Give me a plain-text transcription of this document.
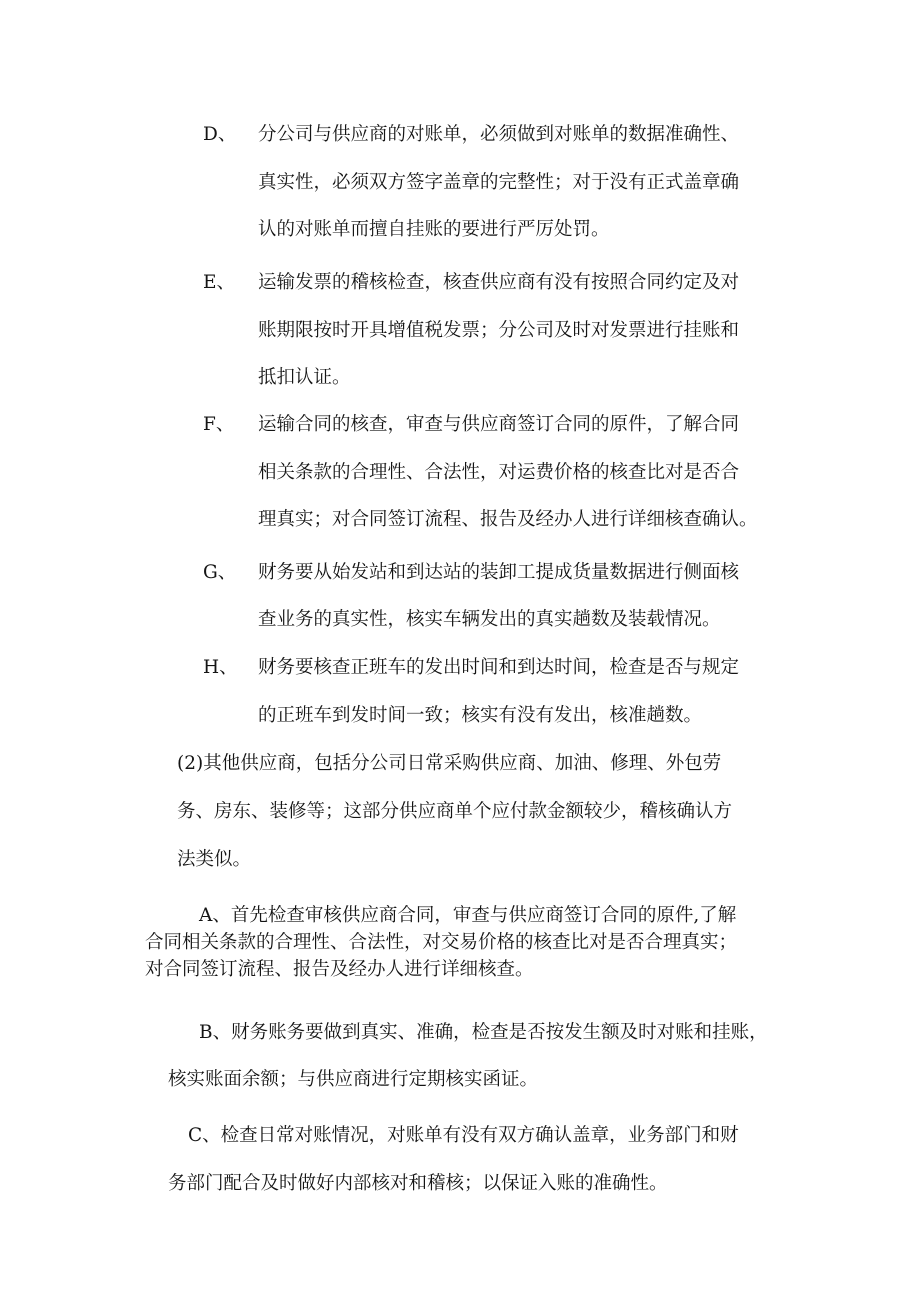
D、 分公司与供应商的对账单，必须做到对账单的数据准确性、
真实性，必须双方签字盖章的完整性；对于没有正式盖章确
认的对账单而擅自挂账的要进行严厉处罚。
E、 运输发票的稽核检查，核查供应商有没有按照合同约定及对
账期限按时开具增值税发票；分公司及时对发票进行挂账和
抵扣认证。
F、 运输合同的核查，审查与供应商签订合同的原件，了解合同
相关条款的合理性、合法性，对运费价格的核查比对是否合
理真实；对合同签订流程、报告及经办人进行详细核查确认。
G、 财务要从始发站和到达站的装卸工提成货量数据进行侧面核
查业务的真实性，核实车辆发出的真实趟数及装载情况。
H、 财务要核查正班车的发出时间和到达时间，检查是否与规定
的正班车到发时间一致；核实有没有发出，核准趟数。
(2)其他供应商，包括分公司日常采购供应商、加油、修理、外包劳
务、房东、装修等；这部分供应商单个应付款金额较少，稽核确认方
法类似。
A、首先检查审核供应商合同，审查与供应商签订合同的原件,了解
合同相关条款的合理性、合法性，对交易价格的核查比对是否合理真实；
对合同签订流程、报告及经办人进行详细核查。
B、财务账务要做到真实、准确，检查是否按发生额及时对账和挂账，
核实账面余额；与供应商进行定期核实函证。
C、检查日常对账情况，对账单有没有双方确认盖章，业务部门和财
务部门配合及时做好内部核对和稽核；以保证入账的准确性。
